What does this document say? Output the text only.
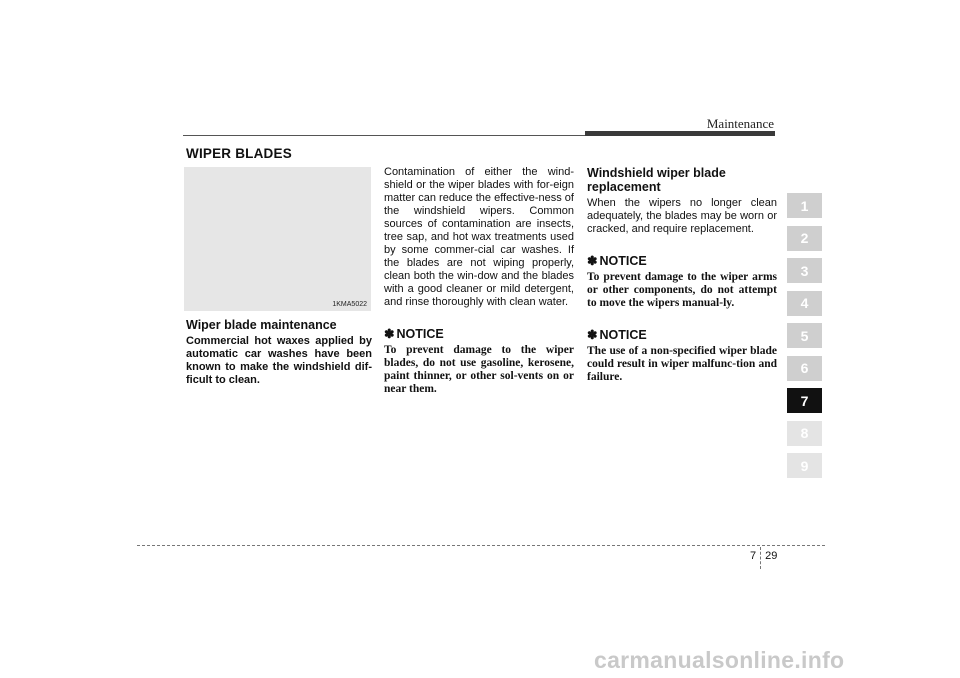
Maintenance
WIPER BLADES
1KMA5022
Wiper blade maintenance

Commercial hot waxes applied by automatic car washes have been known to make the windshield dif-ficult to clean.

Contamination of either the wind-shield or the wiper blades with for-eign matter can reduce the effective-ness of the windshield wipers. Common sources of contamination are insects, tree sap, and hot wax treatments used by some commer-cial car washes. If the blades are not wiping properly, clean both the win-dow and the blades with a good cleaner or mild detergent, and rinse thoroughly with clean water.

✽ NOTICE

To prevent damage to the wiper blades, do not use gasoline, kerosene, paint thinner, or other sol-vents on or near them.

Windshield wiper blade replacement

When the wipers no longer clean adequately, the blades may be worn or cracked, and require replacement.

✽ NOTICE

To prevent damage to the wiper arms or other components, do not attempt to move the wipers manual-ly.

✽ NOTICE

The use of a non-specified wiper blade could result in wiper malfunc-tion and failure.

1
2
3
4
5
6
7
8
9
7 29
carmanualsonline.info
